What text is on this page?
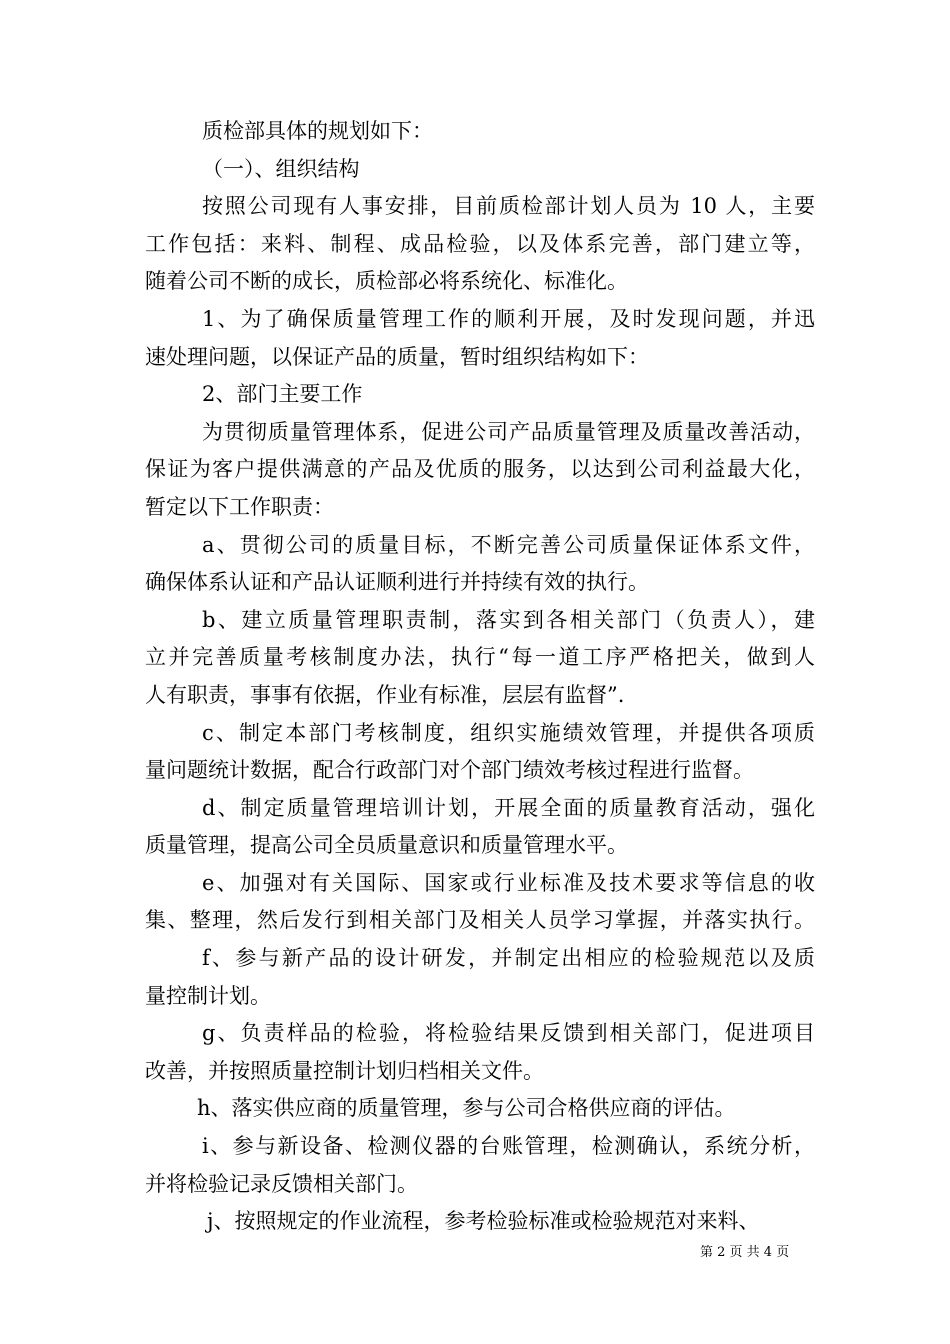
质检部具体的规划如下：
（一）、组织结构
按照公司现有人事安排，目前质检部计划人员为 10 人，主要
工作包括：来料、制程、成品检验，以及体系完善，部门建立等，
随着公司不断的成长，质检部必将系统化、标准化。
1、为了确保质量管理工作的顺利开展，及时发现问题，并迅
速处理问题，以保证产品的质量，暂时组织结构如下：
2、部门主要工作
为贯彻质量管理体系，促进公司产品质量管理及质量改善活动，
保证为客户提供满意的产品及优质的服务，以达到公司利益最大化，
暂定以下工作职责：
a、贯彻公司的质量目标，不断完善公司质量保证体系文件，
确保体系认证和产品认证顺利进行并持续有效的执行。
b、建立质量管理职责制，落实到各相关部门（负责人），建
立并完善质量考核制度办法，执行“每一道工序严格把关，做到人
人有职责，事事有依据，作业有标准，层层有监督”.
c、制定本部门考核制度，组织实施绩效管理，并提供各项质
量问题统计数据，配合行政部门对个部门绩效考核过程进行监督。
d、制定质量管理培训计划，开展全面的质量教育活动，强化
质量管理，提高公司全员质量意识和质量管理水平。
e、加强对有关国际、国家或行业标准及技术要求等信息的收
集、整理，然后发行到相关部门及相关人员学习掌握，并落实执行。
f、参与新产品的设计研发，并制定出相应的检验规范以及质
量控制计划。
g、负责样品的检验，将检验结果反馈到相关部门，促进项目
改善，并按照质量控制计划归档相关文件。
h、落实供应商的质量管理，参与公司合格供应商的评估。
i、参与新设备、检测仪器的台账管理，检测确认，系统分析，
并将检验记录反馈相关部门。
j、按照规定的作业流程，参考检验标准或检验规范对来料、
第 2 页 共 4 页
